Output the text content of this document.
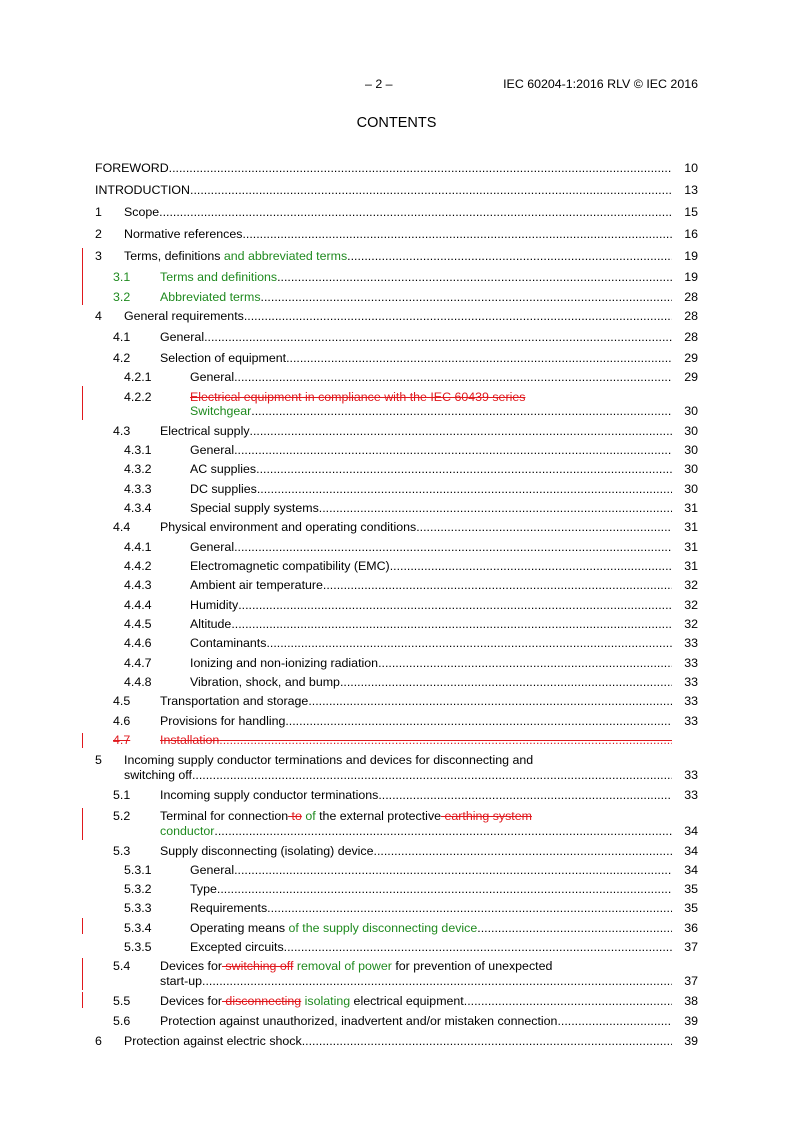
– 2 –	IEC 60204-1:2016 RLV © IEC 2016
CONTENTS
10
FOREWORD
.....
13
INTRODUCTION
.....
15
Scope
.....
1
16
Normative references
.....
2
19
Terms, definitions and abbreviated terms
.....
3
19
Terms and definitions
.....
3.1
28
Abbreviated terms
.....
3.2
28
General requirements
.....
4
28
General
.....
4.1
29
Selection of equipment
.....
4.2
29
General
.....
4.2.1
Electrical equipment in compliance with the IEC 60439 series
4.2.2
30
Switchgear
.....
30
Electrical supply
.....
4.3
30
General
.....
4.3.1
30
AC supplies
.....
4.3.2
30
DC supplies
.....
4.3.3
31
Special supply systems
.....
4.3.4
31
Physical environment and operating conditions
.....
4.4
31
General
.....
4.4.1
31
Electromagnetic compatibility (EMC)
.....
4.4.2
32
Ambient air temperature
.....
4.4.3
32
Humidity
.....
4.4.4
32
Altitude
.....
4.4.5
33
Contaminants
.....
4.4.6
33
Ionizing and non-ionizing radiation
.....
4.4.7
33
Vibration, shock, and bump
.....
4.4.8
33
Transportation and storage
.....
4.5
33
Provisions for handling
.....
4.6
Installation
.....
4.7
Incoming supply conductor terminations and devices for disconnecting and
5
33
switching off
.....
33
Incoming supply conductor terminations
.....
5.1
Terminal for connection to of the external protective earthing system
5.2
34
conductor
.....
34
Supply disconnecting (isolating) device
.....
5.3
34
General
.....
5.3.1
35
Type
.....
5.3.2
35
Requirements
.....
5.3.3
36
Operating means of the supply disconnecting device
.....
5.3.4
37
Excepted circuits
.....
5.3.5
Devices for switching off removal of power for prevention of unexpected
5.4
37
start-up
.....
38
Devices for disconnecting isolating electrical equipment
.....
5.5
39
Protection against unauthorized, inadvertent and/or mistaken connection
.....
5.6
39
Protection against electric shock
.....
6
